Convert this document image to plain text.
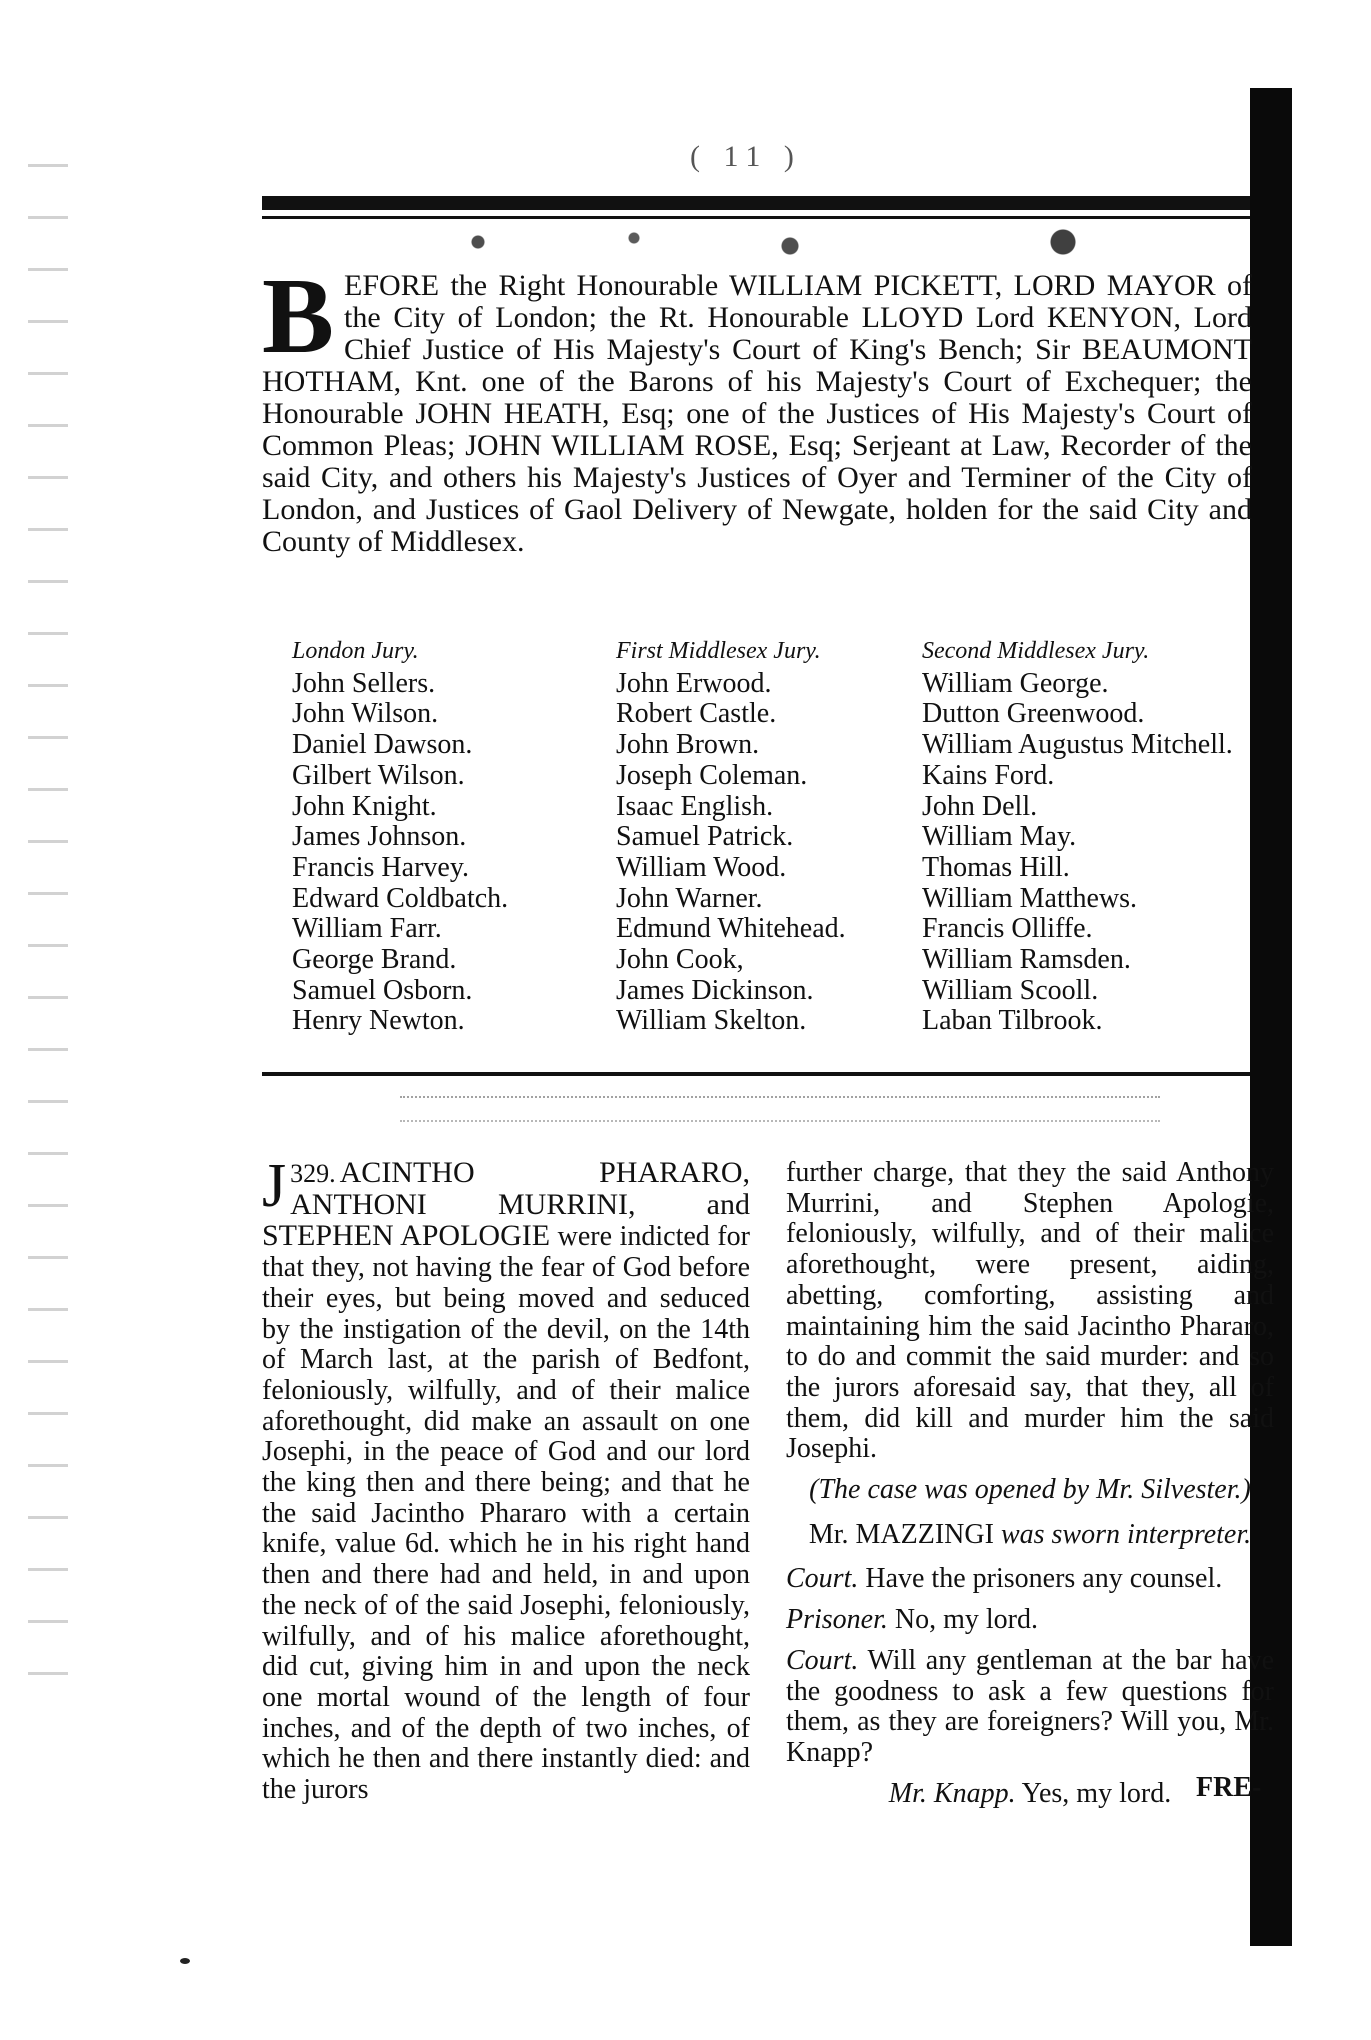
( 11 )
B EFORE the Right Honourable WILLIAM PICKETT, LORD MAYOR of the City of London; the Rt. Honourable LLOYD Lord KENYON, Lord Chief Justice of His Majesty's Court of King's Bench; Sir BEAUMONT HOTHAM, Knt. one of the Barons of his Majesty's Court of Exchequer; the Honourable JOHN HEATH, Esq; one of the Justices of His Majesty's Court of Common Pleas; JOHN WILLIAM ROSE, Esq; Serjeant at Law, Recorder of the said City, and others his Majesty's Justices of Oyer and Terminer of the City of London, and Justices of Gaol Delivery of Newgate, holden for the said City and County of Middlesex.
London Jury.
John Sellers.
John Wilson.
Daniel Dawson.
Gilbert Wilson.
John Knight.
James Johnson.
Francis Harvey.
Edward Coldbatch.
William Farr.
George Brand.
Samuel Osborn.
Henry Newton.
First Middlesex Jury.
John Erwood.
Robert Castle.
John Brown.
Joseph Coleman.
Isaac English.
Samuel Patrick.
William Wood.
John Warner.
Edmund Whitehead.
John Cook,
James Dickinson.
William Skelton.
Second Middlesex Jury.
William George.
Dutton Greenwood.
William Augustus Mitchell.
Kains Ford.
John Dell.
William May.
Thomas Hill.
William Matthews.
Francis Olliffe.
William Ramsden.
William Scooll.
Laban Tilbrook.

329.
J ACINTHO PHARARO, ANTHONI MURRINI, and STEPHEN APOLOGIE were indicted for that they, not having the fear of God before their eyes, but being moved and seduced by the instigation of the devil, on the 14th of March last, at the parish of Bedfont, feloniously, wilfully, and of their malice aforethought, did make an assault on one Josephi, in the peace of God and our lord the king then and there being; and that he the said Jacintho Phararo with a certain knife, value 6d. which he in his right hand then and there had and held, in and upon the neck of of the said Josephi, feloniously, wilfully, and of his malice aforethought, did cut, giving him in and upon the neck one mortal wound of the length of four inches, and of the depth of two inches, of which he then and there instantly died: and the jurors

further charge, that they the said Anthony Murrini, and Stephen Apologie, feloniously, wilfully, and of their malice aforethought, were present, aiding, abetting, comforting, assisting and maintaining him the said Jacintho Phararo, to do and commit the said murder: and so the jurors aforesaid say, that they, all of them, did kill and murder him the said Josephi.

(The case was opened by Mr. Silvester.)

Mr. MAZZINGI was sworn interpreter.

Court. Have the prisoners any counsel.

Prisoner. No, my lord.

Court. Will any gentleman at the bar have the goodness to ask a few questions for them, as they are foreigners? Will you, Mr. Knapp?

Mr. Knapp. Yes, my lord. FRE-
